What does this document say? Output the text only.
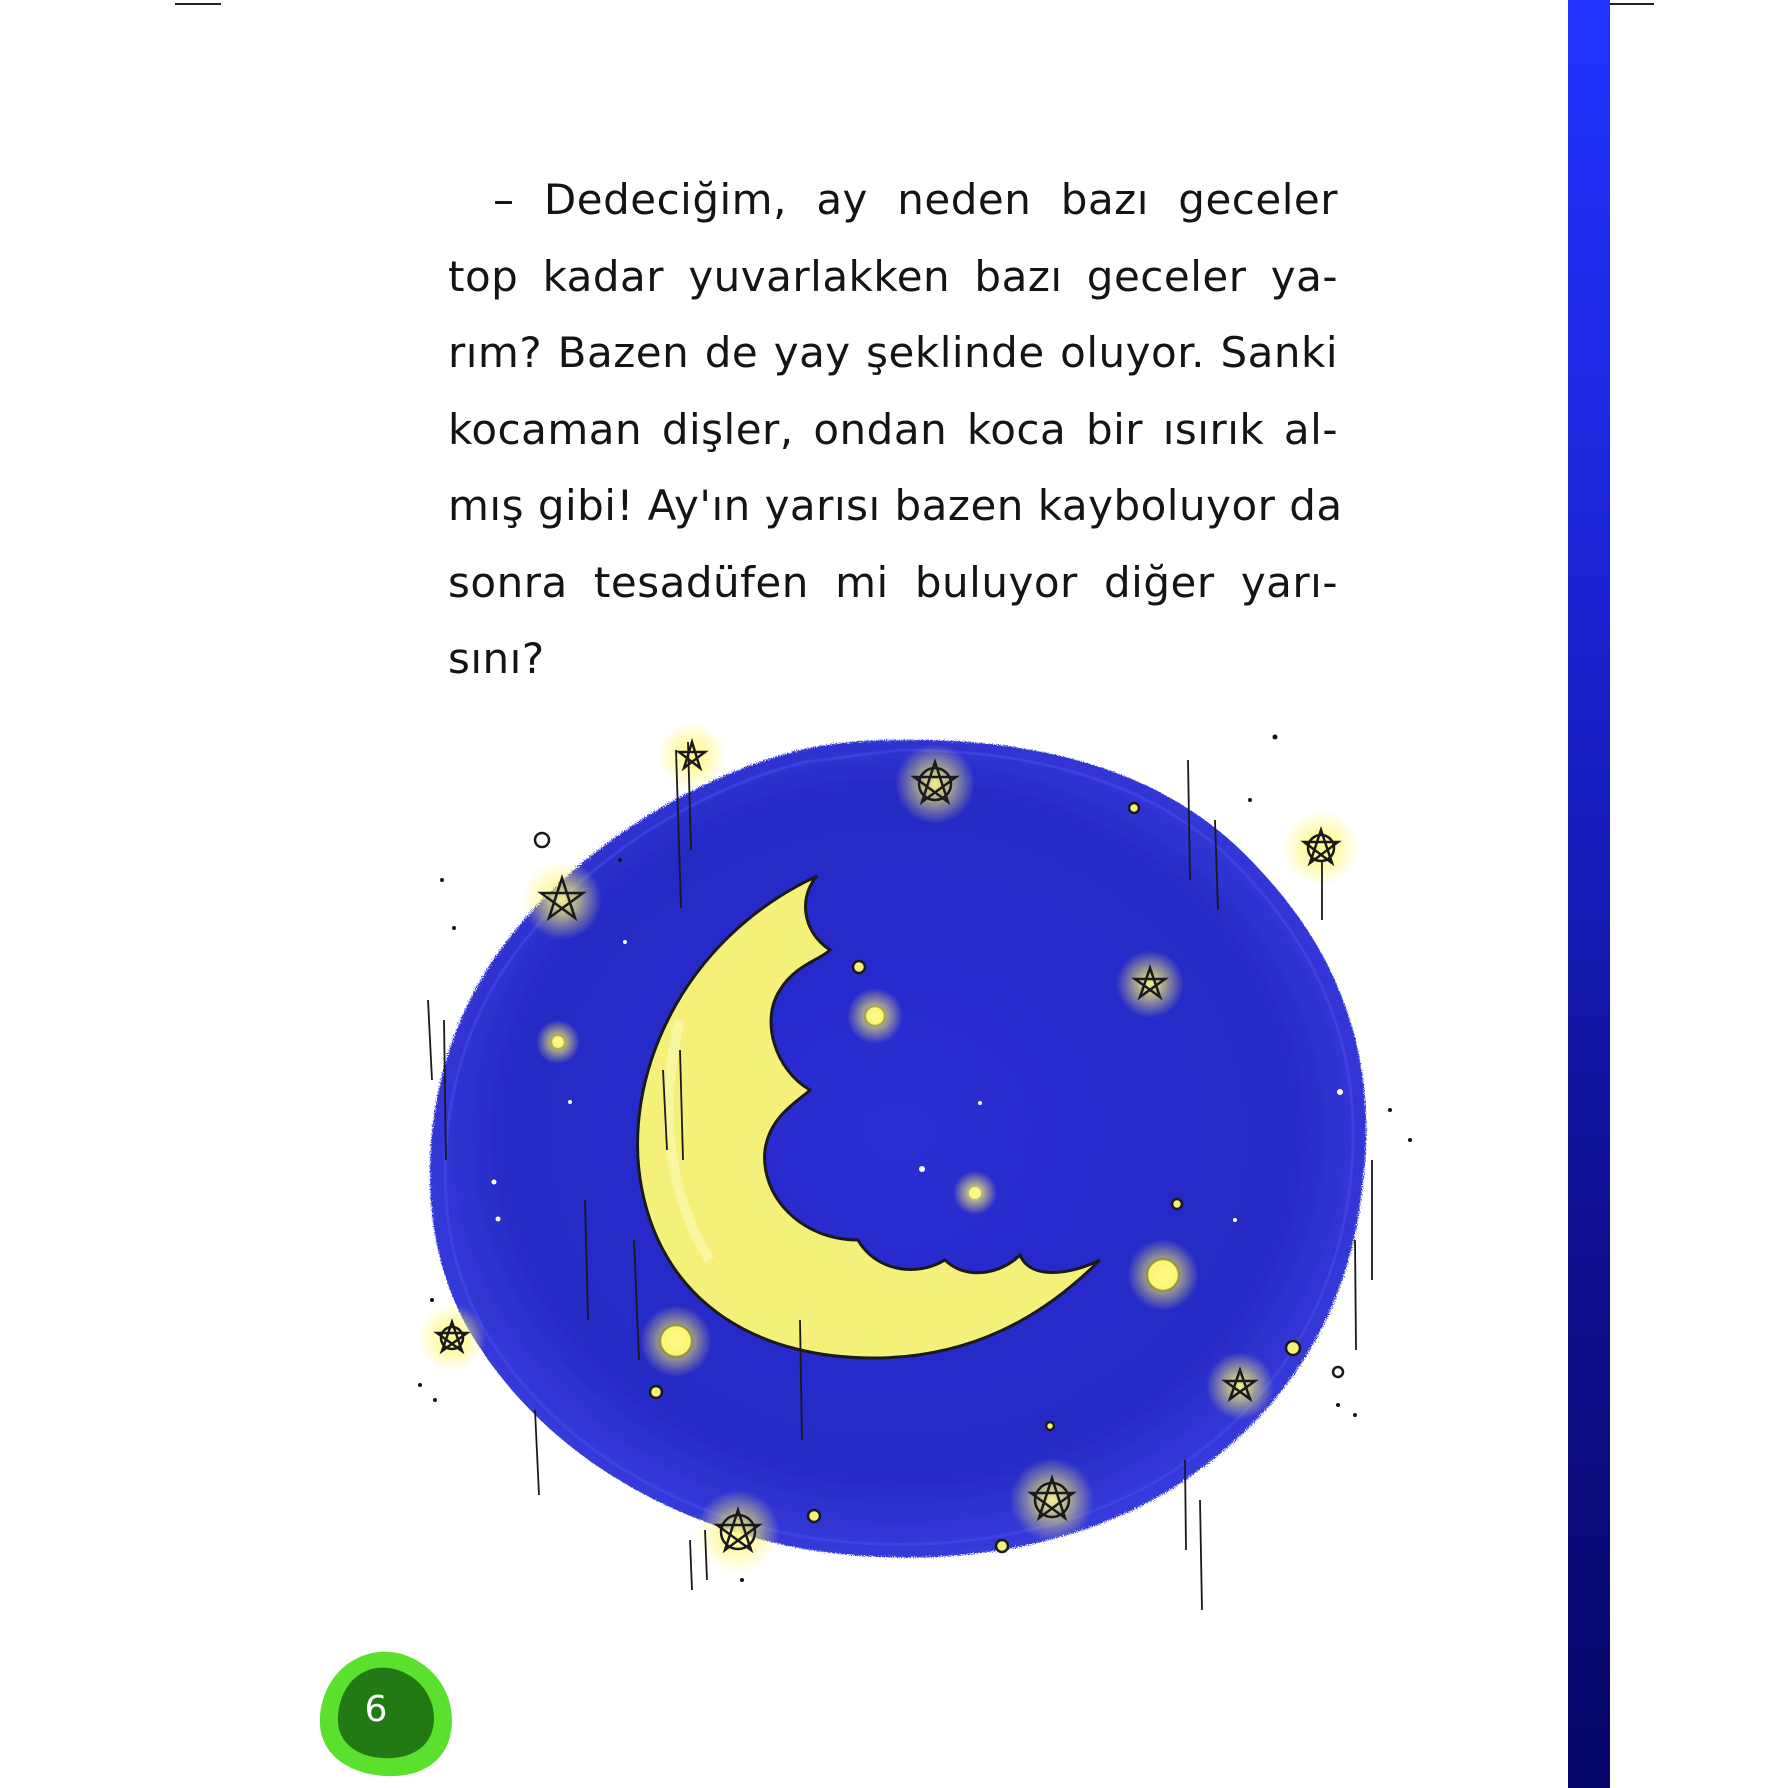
– Dedeciğim, ay neden bazı geceler
top kadar yuvarlakken bazı geceler ya-
rım? Bazen de yay şeklinde oluyor. Sanki
kocaman dişler, ondan koca bir ısırık al-
mış gibi! Ay'ın yarısı bazen kayboluyor da
sonra tesadüfen mi buluyor diğer yarı-
sını?
6
